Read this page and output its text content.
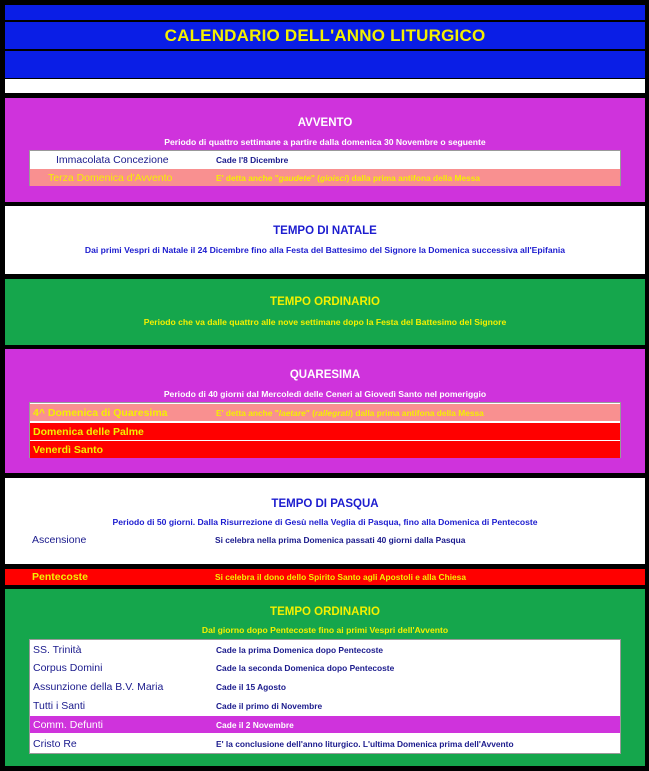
CALENDARIO DELL'ANNO LITURGICO
AVVENTO
Periodo di quattro settimane a partire dalla domenica 30 Novembre o seguente
Immacolata Concezione	Cade l'8 Dicembre
Terza Domenica d'Avvento	E' detta anche " gaudete " ( gioisci ) dalla prima antifona della Messa
TEMPO DI NATALE
Dai primi Vespri di Natale il 24 Dicembre fino alla Festa del Battesimo del Signore la Domenica successiva all'Epifania
TEMPO ORDINARIO
Periodo che va dalle quattro alle nove settimane dopo la Festa del Battesimo del Signore
QUARESIMA
Periodo di 40 giorni dal Mercoledì delle Ceneri al Giovedì Santo nel pomeriggio
4^ Domenica di Quaresima	E' detta anche " laetare " ( rallegrati ) dalla prima antifona della Messa
Domenica delle Palme
Venerdì Santo
TEMPO DI PASQUA
Periodo di 50 giorni. Dalla Risurrezione di Gesù nella Veglia di Pasqua, fino alla Domenica di Pentecoste
Ascensione	Si celebra nella prima Domenica passati 40 giorni dalla Pasqua
Pentecoste	Si celebra il dono dello Spirito Santo agli Apostoli e alla Chiesa
TEMPO ORDINARIO
Dal giorno dopo Pentecoste fino ai primi Vespri dell'Avvento
SS. Trinità	Cade la prima Domenica dopo Pentecoste
Corpus Domini	Cade la seconda Domenica dopo Pentecoste
Assunzione della B.V. Maria	Cade il 15 Agosto
Tutti i Santi	Cade il primo di Novembre
Comm. Defunti	Cade il 2 Novembre
Cristo Re	E' la conclusione dell'anno liturgico. L'ultima Domenica prima dell'Avvento
